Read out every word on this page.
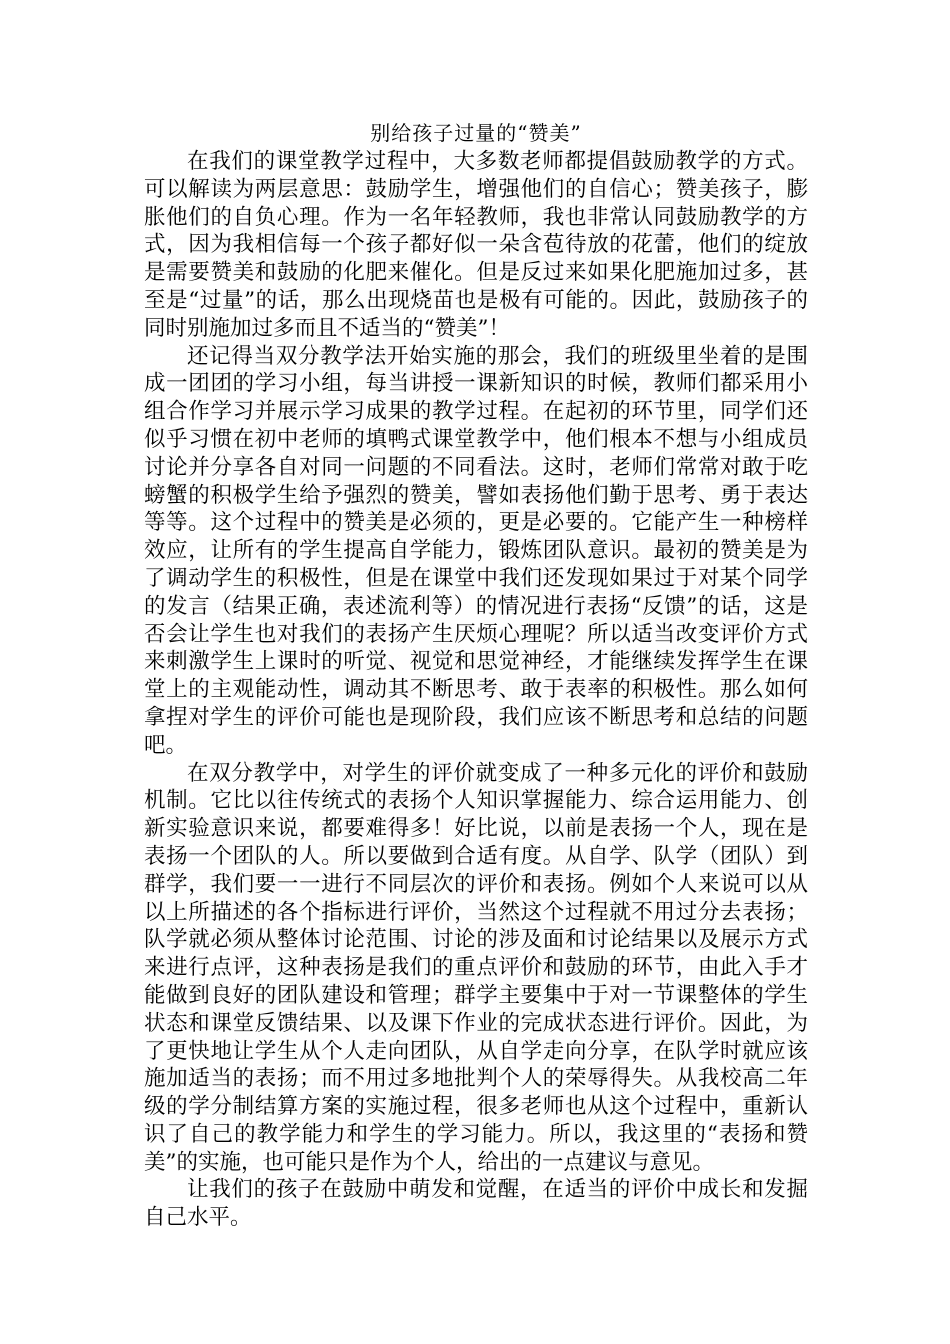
别给孩子过量的“赞美”

在我们的课堂教学过程中，大多数老师都提倡鼓励教学的方式。可以解读为两层意思：鼓励学生，增强他们的自信心；赞美孩子，膨胀他们的自负心理。作为一名年轻教师，我也非常认同鼓励教学的方式，因为我相信每一个孩子都好似一朵含苞待放的花蕾，他们的绽放是需要赞美和鼓励的化肥来催化。但是反过来如果化肥施加过多，甚至是“过量”的话，那么出现烧苗也是极有可能的。因此，鼓励孩子的同时别施加过多而且不适当的“赞美”！

还记得当双分教学法开始实施的那会，我们的班级里坐着的是围成一团团的学习小组，每当讲授一课新知识的时候，教师们都采用小组合作学习并展示学习成果的教学过程。在起初的环节里，同学们还似乎习惯在初中老师的填鸭式课堂教学中，他们根本不想与小组成员讨论并分享各自对同一问题的不同看法。这时，老师们常常对敢于吃螃蟹的积极学生给予强烈的赞美，譬如表扬他们勤于思考、勇于表达等等。这个过程中的赞美是必须的，更是必要的。它能产生一种榜样效应，让所有的学生提高自学能力，锻炼团队意识。最初的赞美是为了调动学生的积极性，但是在课堂中我们还发现如果过于对某个同学的发言（结果正确，表述流利等）的情况进行表扬“反馈”的话，这是否会让学生也对我们的表扬产生厌烦心理呢？所以适当改变评价方式来刺激学生上课时的听觉、视觉和思觉神经，才能继续发挥学生在课堂上的主观能动性，调动其不断思考、敢于表率的积极性。那么如何拿捏对学生的评价可能也是现阶段，我们应该不断思考和总结的问题吧。

在双分教学中，对学生的评价就变成了一种多元化的评价和鼓励机制。它比以往传统式的表扬个人知识掌握能力、综合运用能力、创新实验意识来说，都要难得多！好比说，以前是表扬一个人，现在是表扬一个团队的人。所以要做到合适有度。从自学、队学（团队）到群学，我们要一一进行不同层次的评价和表扬。例如个人来说可以从以上所描述的各个指标进行评价，当然这个过程就不用过分去表扬；队学就必须从整体讨论范围、讨论的涉及面和讨论结果以及展示方式来进行点评，这种表扬是我们的重点评价和鼓励的环节，由此入手才能做到良好的团队建设和管理；群学主要集中于对一节课整体的学生状态和课堂反馈结果、以及课下作业的完成状态进行评价。因此，为了更快地让学生从个人走向团队，从自学走向分享，在队学时就应该施加适当的表扬；而不用过多地批判个人的荣辱得失。从我校高二年级的学分制结算方案的实施过程，很多老师也从这个过程中，重新认识了自己的教学能力和学生的学习能力。所以，我这里的“表扬和赞美”的实施，也可能只是作为个人，给出的一点建议与意见。

让我们的孩子在鼓励中萌发和觉醒，在适当的评价中成长和发掘自己水平。
